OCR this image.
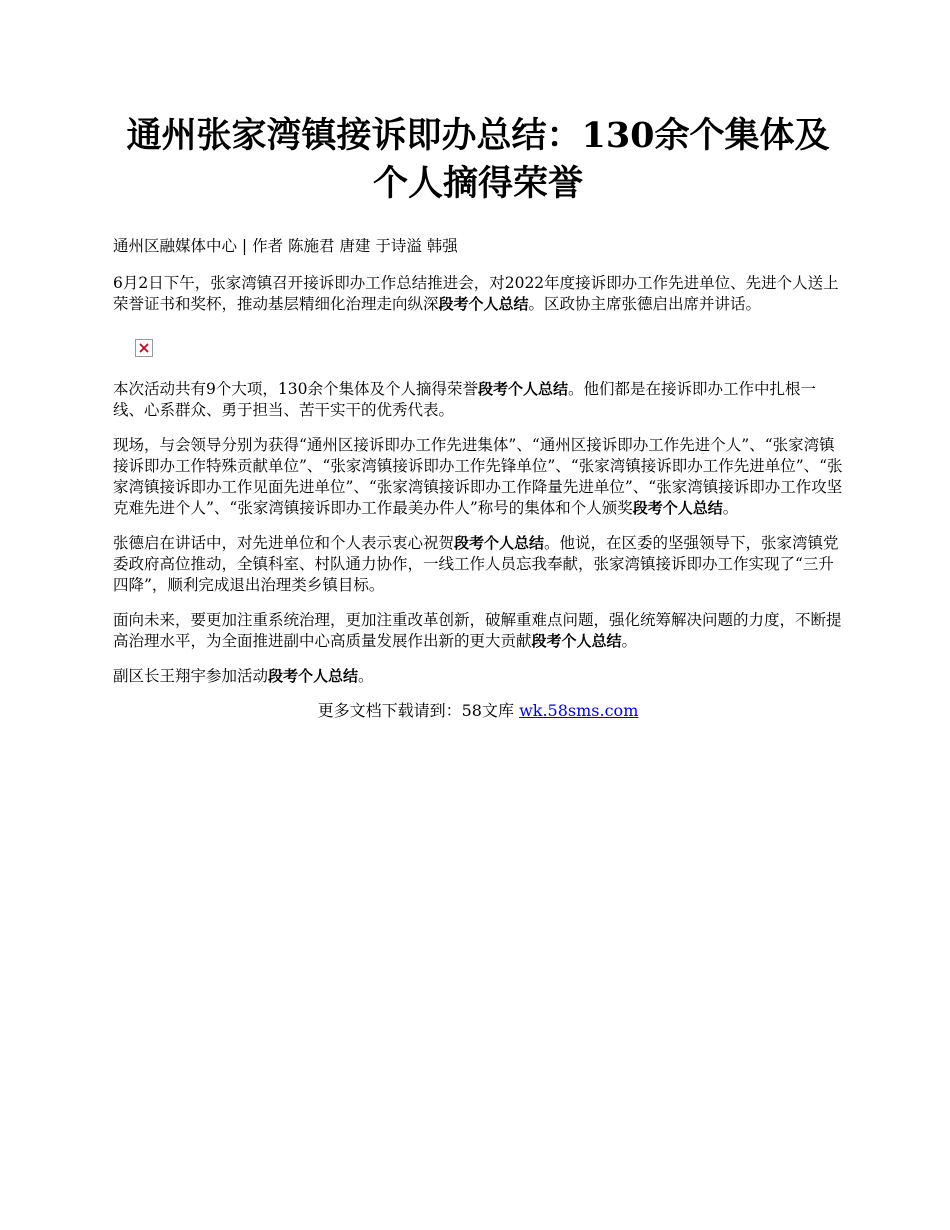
通州张家湾镇接诉即办总结：130余个集体及个人摘得荣誉
通州区融媒体中心 | 作者 陈施君 唐建 于诗溢 韩强

6月2日下午，张家湾镇召开接诉即办工作总结推进会，对2022年度接诉即办工作先进单位、先进个人送上荣誉证书和奖杯，推动基层精细化治理走向纵深段考个人总结。区政协主席张德启出席并讲话。

本次活动共有9个大项，130余个集体及个人摘得荣誉段考个人总结。他们都是在接诉即办工作中扎根一线、心系群众、勇于担当、苦干实干的优秀代表。

现场，与会领导分别为获得“通州区接诉即办工作先进集体”、“通州区接诉即办工作先进个人”、“张家湾镇接诉即办工作特殊贡献单位”、“张家湾镇接诉即办工作先锋单位”、“张家湾镇接诉即办工作先进单位”、“张家湾镇接诉即办工作见面先进单位”、“张家湾镇接诉即办工作降量先进单位”、“张家湾镇接诉即办工作攻坚克难先进个人”、“张家湾镇接诉即办工作最美办件人”称号的集体和个人颁奖段考个人总结。

张德启在讲话中，对先进单位和个人表示衷心祝贺段考个人总结。他说，在区委的坚强领导下，张家湾镇党委政府高位推动，全镇科室、村队通力协作，一线工作人员忘我奉献，张家湾镇接诉即办工作实现了“三升四降”，顺利完成退出治理类乡镇目标。

面向未来，要更加注重系统治理，更加注重改革创新，破解重难点问题，强化统筹解决问题的力度，不断提高治理水平，为全面推进副中心高质量发展作出新的更大贡献段考个人总结。

副区长王翔宇参加活动段考个人总结。

更多文档下载请到：58文库 wk.58sms.com
